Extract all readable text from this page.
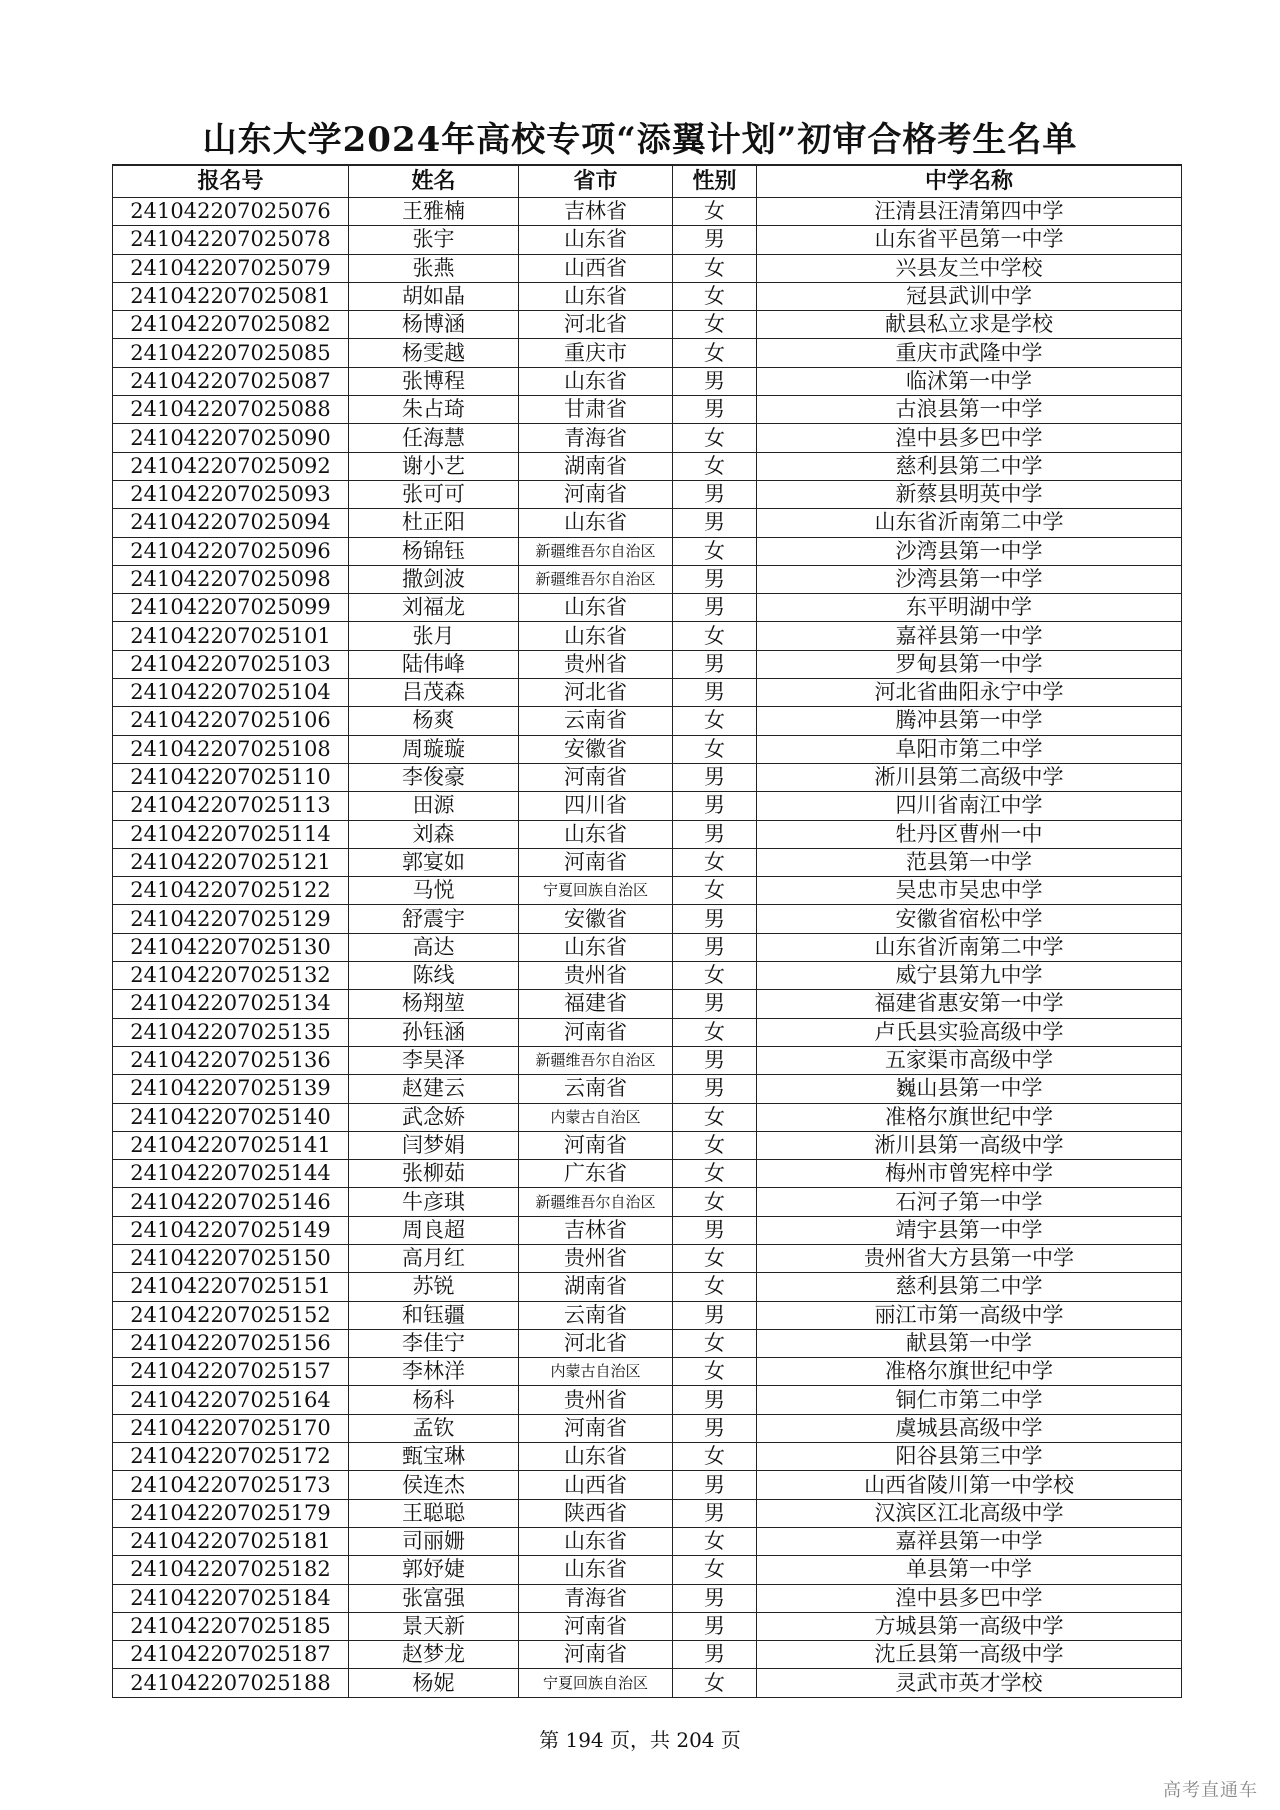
山东大学2024年高校专项“添翼计划”初审合格考生名单
报名号	姓名	省市	性别	中学名称
241042207025076	王雅楠	吉林省	女	汪清县汪清第四中学
241042207025078	张宇	山东省	男	山东省平邑第一中学
241042207025079	张燕	山西省	女	兴县友兰中学校
241042207025081	胡如晶	山东省	女	冠县武训中学
241042207025082	杨博涵	河北省	女	献县私立求是学校
241042207025085	杨雯越	重庆市	女	重庆市武隆中学
241042207025087	张博程	山东省	男	临沭第一中学
241042207025088	朱占琦	甘肃省	男	古浪县第一中学
241042207025090	任海慧	青海省	女	湟中县多巴中学
241042207025092	谢小艺	湖南省	女	慈利县第二中学
241042207025093	张可可	河南省	男	新蔡县明英中学
241042207025094	杜正阳	山东省	男	山东省沂南第二中学
241042207025096	杨锦钰	新疆维吾尔自治区	女	沙湾县第一中学
241042207025098	撒剑波	新疆维吾尔自治区	男	沙湾县第一中学
241042207025099	刘福龙	山东省	男	东平明湖中学
241042207025101	张月	山东省	女	嘉祥县第一中学
241042207025103	陆伟峰	贵州省	男	罗甸县第一中学
241042207025104	吕茂森	河北省	男	河北省曲阳永宁中学
241042207025106	杨爽	云南省	女	腾冲县第一中学
241042207025108	周璇璇	安徽省	女	阜阳市第二中学
241042207025110	李俊豪	河南省	男	淅川县第二高级中学
241042207025113	田源	四川省	男	四川省南江中学
241042207025114	刘森	山东省	男	牡丹区曹州一中
241042207025121	郭宴如	河南省	女	范县第一中学
241042207025122	马悦	宁夏回族自治区	女	吴忠市吴忠中学
241042207025129	舒震宇	安徽省	男	安徽省宿松中学
241042207025130	高达	山东省	男	山东省沂南第二中学
241042207025132	陈线	贵州省	女	威宁县第九中学
241042207025134	杨翔堃	福建省	男	福建省惠安第一中学
241042207025135	孙钰涵	河南省	女	卢氏县实验高级中学
241042207025136	李昊泽	新疆维吾尔自治区	男	五家渠市高级中学
241042207025139	赵建云	云南省	男	巍山县第一中学
241042207025140	武念娇	内蒙古自治区	女	准格尔旗世纪中学
241042207025141	闫梦娟	河南省	女	淅川县第一高级中学
241042207025144	张柳茹	广东省	女	梅州市曾宪梓中学
241042207025146	牛彦琪	新疆维吾尔自治区	女	石河子第一中学
241042207025149	周良超	吉林省	男	靖宇县第一中学
241042207025150	高月红	贵州省	女	贵州省大方县第一中学
241042207025151	苏锐	湖南省	女	慈利县第二中学
241042207025152	和钰疆	云南省	男	丽江市第一高级中学
241042207025156	李佳宁	河北省	女	献县第一中学
241042207025157	李林洋	内蒙古自治区	女	准格尔旗世纪中学
241042207025164	杨科	贵州省	男	铜仁市第二中学
241042207025170	孟钦	河南省	男	虞城县高级中学
241042207025172	甄宝琳	山东省	女	阳谷县第三中学
241042207025173	侯连杰	山西省	男	山西省陵川第一中学校
241042207025179	王聪聪	陕西省	男	汉滨区江北高级中学
241042207025181	司丽姗	山东省	女	嘉祥县第一中学
241042207025182	郭妤婕	山东省	女	单县第一中学
241042207025184	张富强	青海省	男	湟中县多巴中学
241042207025185	景天新	河南省	男	方城县第一高级中学
241042207025187	赵梦龙	河南省	男	沈丘县第一高级中学
241042207025188	杨妮	宁夏回族自治区	女	灵武市英才学校
第 194 页，共 204 页
高考直通车
